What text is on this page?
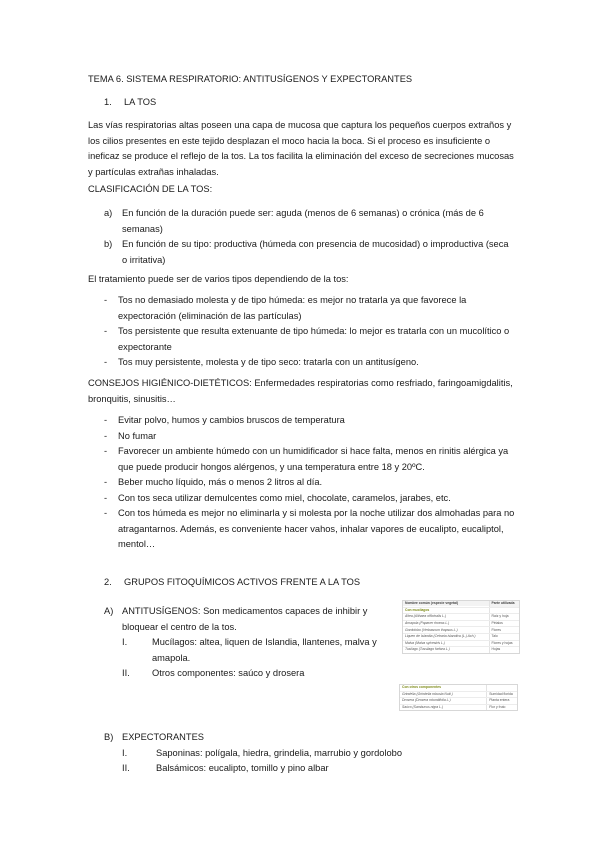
TEMA 6. SISTEMA RESPIRATORIO: ANTITUSÍGENOS Y EXPECTORANTES

1.	LA TOS

Las vías respiratorias altas poseen una capa de mucosa que captura los pequeños cuerpos extraños y los cilios presentes en este tejido desplazan el moco hacia la boca. Si el proceso es insuficiente o ineficaz se produce el reflejo de la tos. La tos facilita la eliminación del exceso de secreciones mucosas y partículas extrañas inhaladas.

CLASIFICACIÓN DE LA TOS:

a)	En función de la duración puede ser: aguda (menos de 6 semanas) o crónica (más de 6 semanas)
b)	En función de su tipo: productiva (húmeda con presencia de mucosidad) o improductiva (seca o irritativa)

El tratamiento puede ser de varios tipos dependiendo de la tos:

-	Tos no demasiado molesta y de tipo húmeda: es mejor no tratarla ya que favorece la expectoración (eliminación de las partículas)
-	Tos persistente que resulta extenuante de tipo húmeda: lo mejor es tratarla con un mucolítico o expectorante
-	Tos muy persistente, molesta y de tipo seco: tratarla con un antitusígeno.

CONSEJOS HIGIÉNICO-DIETÉTICOS: Enfermedades respiratorias como resfriado, faringoamigdalitis, bronquitis, sinusitis…

-	Evitar polvo, humos y cambios bruscos de temperatura
-	No fumar
-	Favorecer un ambiente húmedo con un humidificador si hace falta, menos en rinitis alérgica ya que puede producir hongos alérgenos, y una temperatura entre 18 y 20ºC.
-	Beber mucho líquido, más o menos 2 litros al día.
-	Con tos seca utilizar demulcentes como miel, chocolate, caramelos, jarabes, etc.
-	Con tos húmeda es mejor no eliminarla y si molesta por la noche utilizar dos almohadas para no atragantarnos. Además, es conveniente hacer vahos, inhalar vapores de eucalipto, eucaliptol, mentol…
2.	GRUPOS FITOQUÍMICOS ACTIVOS FRENTE A LA TOS
A) ANTITUSÍGENOS: Son medicamentos capaces de inhibir y bloquear el centro de la tos.
I.	Mucílagos: altea, liquen de Islandia, llantenes, malva y amapola.
II.	Otros componentes: saúco y drosera
Nombre común (especie vegetal)	Parte utilizada
Con mucílagos
Altea (Althaea officinalis L.)	Raíz y hoja
Amapola (Papaver rhoeas L.)	Pétalos
Gordolobo (Verbascum thapsus L.)	Flores
Liquen de Islandia (Cetraria islandica (L.) Ach.)	Talo
Malva (Malva sylvestris L.)	Flores y hojas
Tusílago (Tussilago farfara L.)	Hojas
Con otros componentes
Grindelia (Grindelia robusta Nutt.)	Sumidad florida
Drosera (Drosera rotundifolia L.)	Planta entera
Saúco (Sambucus nigra L.)	Flor y fruto
B) EXPECTORANTES
I.	Saponinas: polígala, hiedra, grindelia, marrubio y gordolobo
II.	Balsámicos: eucalipto, tomillo y pino albar
